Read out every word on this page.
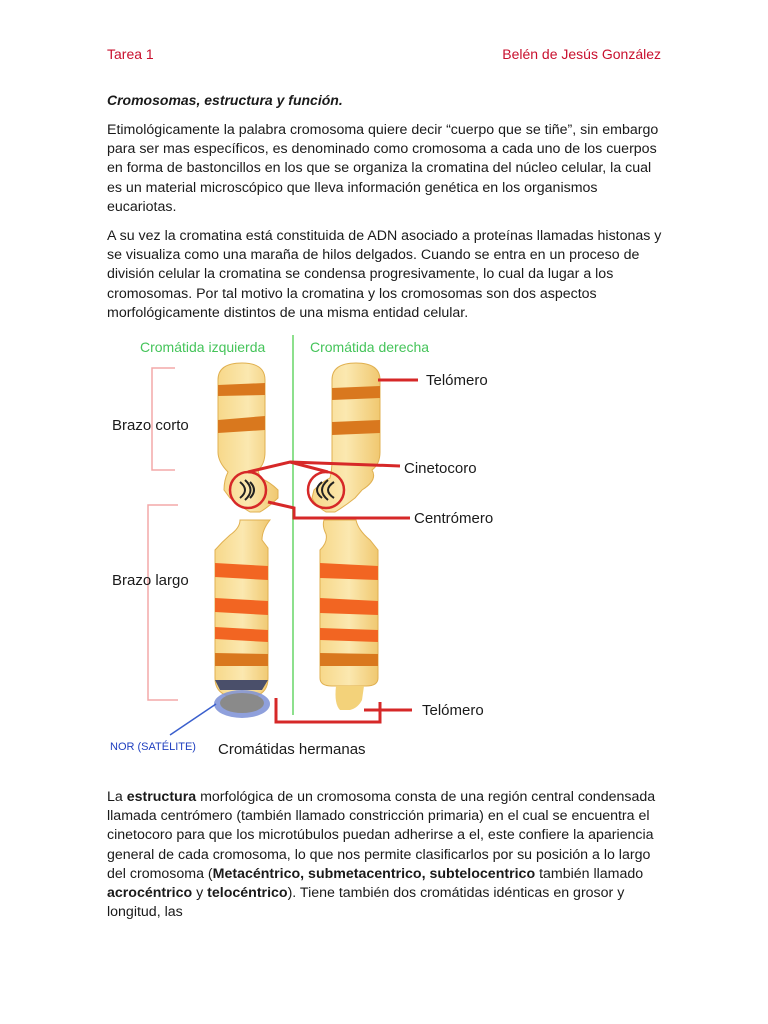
Tarea 1	Belén de Jesús González
Cromosomas, estructura y función.

Etimológicamente la palabra cromosoma quiere decir “cuerpo que se tiñe”, sin embargo para ser mas específicos, es denominado como cromosoma a cada uno de los cuerpos en forma de bastoncillos en los que se organiza la cromatina del núcleo celular, la cual es un material microscópico que lleva información genética en los organismos eucariotas.

A su vez la cromatina está constituida de ADN asociado a proteínas llamadas histonas y se visualiza como una maraña de hilos delgados. Cuando se entra en un proceso de división celular la cromatina se condensa progresivamente, lo cual da lugar a los cromosomas. Por tal motivo la cromatina y los cromosomas son dos aspectos morfológicamente distintos de una misma entidad celular.

Cromátida izquierda	Cromátida derecha
Brazo corto
Brazo largo
Telómero
Cinetocoro
Centrómero
Telómero
Cromátidas hermanas
NOR (SATÉLITE)

La estructura morfológica de un cromosoma consta de una región central condensada llamada centrómero (también llamado constricción primaria) en el cual se encuentra el cinetocoro para que los microtúbulos puedan adherirse a el, este confiere la apariencia general de cada cromosoma, lo que nos permite clasificarlos por su posición a lo largo del cromosoma (Metacéntrico, submetacentrico, subtelocentrico también llamado acrocéntrico y telocéntrico). Tiene también dos cromátidas idénticas en grosor y longitud, las
